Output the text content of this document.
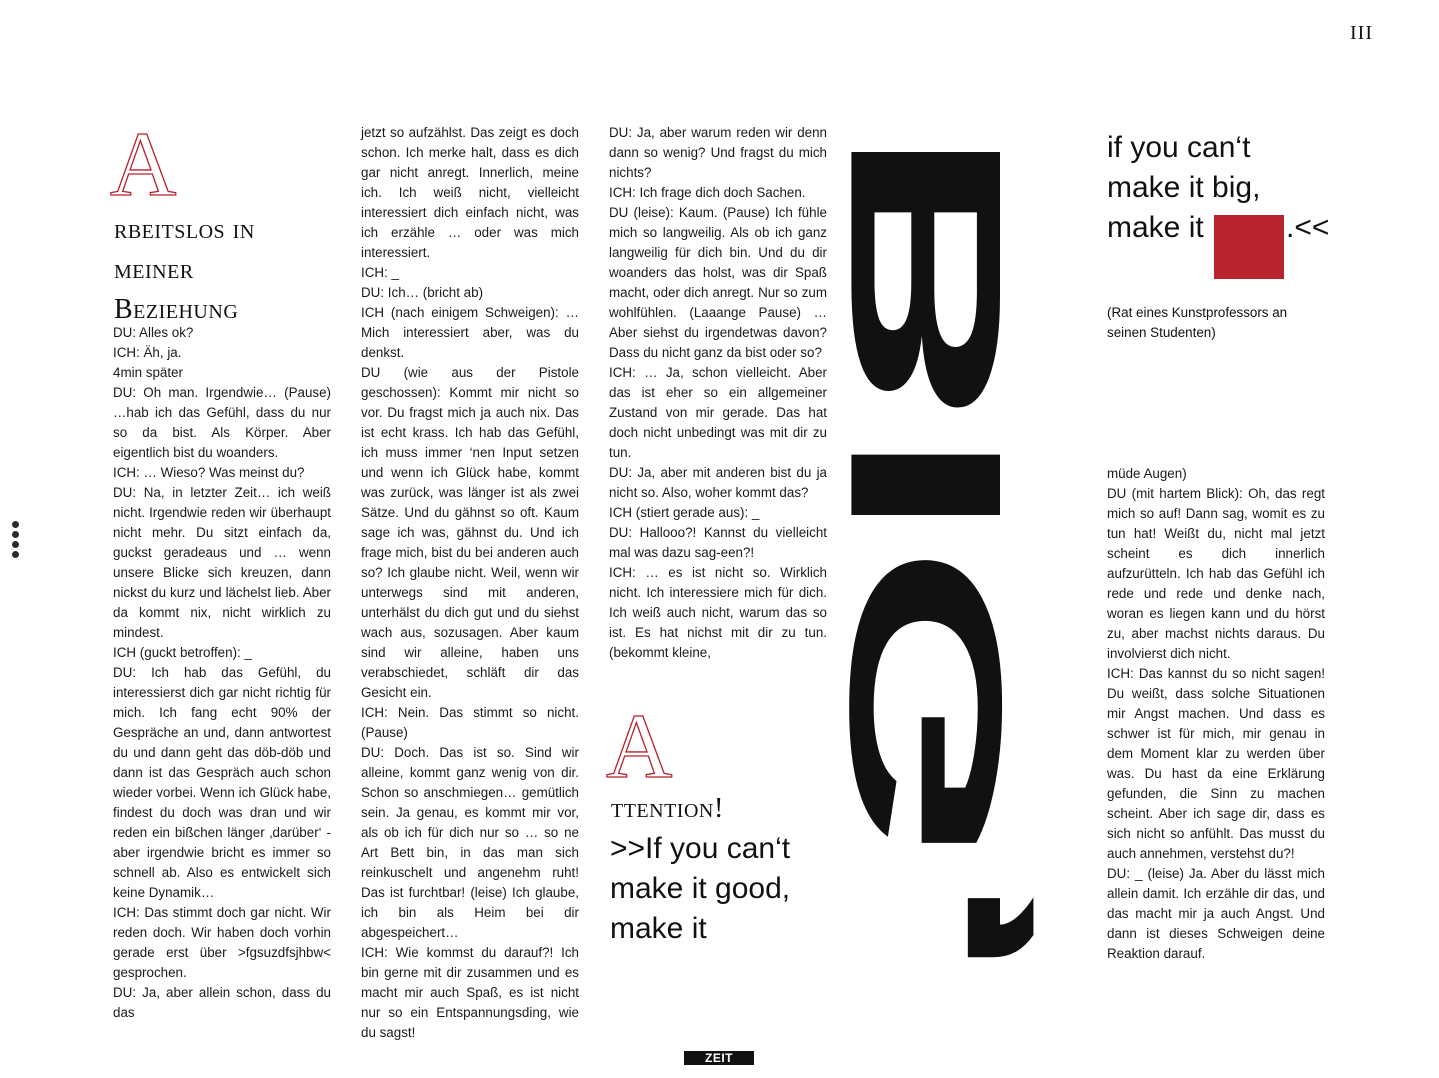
III
A
rbeitslos in
meiner
Beziehung

DU: Alles ok?

ICH: Äh, ja.

4min später

DU: Oh man. Irgendwie… (Pause) …hab ich das Gefühl, dass du nur so da bist. Als Körper. Aber eigentlich bist du woanders.

ICH: … Wieso? Was meinst du?

DU: Na, in letzter Zeit… ich weiß nicht. Irgendwie reden wir überhaupt nicht mehr. Du sitzt einfach da, guckst geradeaus und … wenn unsere Blicke sich kreuzen, dann nickst du kurz und lächelst lieb. Aber da kommt nix, nicht wirklich zu mindest.

ICH (guckt betroffen): _

DU: Ich hab das Gefühl, du interessierst dich gar nicht richtig für mich. Ich fang echt 90% der Gespräche an und, dann antwortest du und dann geht das döb-döb und dann ist das Gespräch auch schon wieder vorbei. Wenn ich Glück habe, findest du doch was dran und wir reden ein bißchen länger ‚darüber‘ - aber irgendwie bricht es immer so schnell ab. Also es entwickelt sich keine Dynamik…

ICH: Das stimmt doch gar nicht. Wir reden doch. Wir haben doch vorhin gerade erst über >fgsuzdfsjhbw< gesprochen.

DU: Ja, aber allein schon, dass du das

jetzt so aufzählst. Das zeigt es doch schon. Ich merke halt, dass es dich gar nicht anregt. Innerlich, meine ich. Ich weiß nicht, vielleicht interessiert dich einfach nicht, was ich erzähle … oder was mich interessiert.

ICH: _

DU: Ich… (bricht ab)

ICH (nach einigem Schweigen): … Mich interessiert aber, was du denkst.

DU (wie aus der Pistole geschossen): Kommt mir nicht so vor. Du fragst mich ja auch nix. Das ist echt krass. Ich hab das Gefühl, ich muss immer ‘nen Input setzen und wenn ich Glück habe, kommt was zurück, was länger ist als zwei Sätze. Und du gähnst so oft. Kaum sage ich was, gähnst du. Und ich frage mich, bist du bei anderen auch so? Ich glaube nicht. Weil, wenn wir unterwegs sind mit anderen, unterhälst du dich gut und du siehst wach aus, sozusagen. Aber kaum sind wir alleine, haben uns verabschiedet, schläft dir das Gesicht ein.

ICH: Nein. Das stimmt so nicht. (Pause)

DU: Doch. Das ist so. Sind wir alleine, kommt ganz wenig von dir. Schon so anschmiegen… gemütlich sein. Ja genau, es kommt mir vor, als ob ich für dich nur so … so ne Art Bett bin, in das man sich reinkuschelt und angenehm ruht! Das ist furchtbar! (leise) Ich glaube, ich bin als Heim bei dir abgespeichert…

ICH: Wie kommst du darauf?! Ich bin gerne mit dir zusammen und es macht mir auch Spaß, es ist nicht nur so ein Entspannungsding, wie du sagst!

DU: Ja, aber warum reden wir denn dann so wenig? Und fragst du mich nichts?

ICH: Ich frage dich doch Sachen.

DU (leise): Kaum. (Pause) Ich fühle mich so langweilig. Als ob ich ganz langweilig für dich bin. Und du dir woanders das holst, was dir Spaß macht, oder dich anregt. Nur so zum wohlfühlen. (Laaange Pause) … Aber siehst du irgendetwas davon? Dass du nicht ganz da bist oder so?

ICH: … Ja, schon vielleicht. Aber das ist eher so ein allgemeiner Zustand von mir gerade. Das hat doch nicht unbedingt was mit dir zu tun.

DU: Ja, aber mit anderen bist du ja nicht so. Also, woher kommt das?

ICH (stiert gerade aus): _

DU: Hallooo?! Kannst du vielleicht mal was dazu sag-een?!

ICH: … es ist nicht so. Wirklich nicht. Ich interessiere mich für dich. Ich weiß auch nicht, warum das so ist. Es hat nichst mit dir zu tun. (bekommt kleine,

A
ttention!
>>If you can‘t
make it good,
make it
BIG, if you can‘t
make it big,
make it	.<<
(Rat eines Kunstprofessors an seinen Studenten)

müde Augen)

DU (mit hartem Blick): Oh, das regt mich so auf! Dann sag, womit es zu tun hat! Weißt du, nicht mal jetzt scheint es dich innerlich aufzurütteln. Ich hab das Gefühl ich rede und rede und denke nach, woran es liegen kann und du hörst zu, aber machst nichts daraus. Du involvierst dich nicht.

ICH: Das kannst du so nicht sagen! Du weißt, dass solche Situationen mir Angst machen. Und dass es schwer ist für mich, mir genau in dem Moment klar zu werden über was. Du hast da eine Erklärung gefunden, die Sinn zu machen scheint. Aber ich sage dir, dass es sich nicht so anfühlt. Das musst du auch annehmen, verstehst du?!

DU: _ (leise) Ja. Aber du lässt mich allein damit. Ich erzähle dir das, und das macht mir ja auch Angst. Und dann ist dieses Schweigen deine Reaktion darauf.

ZEIT
